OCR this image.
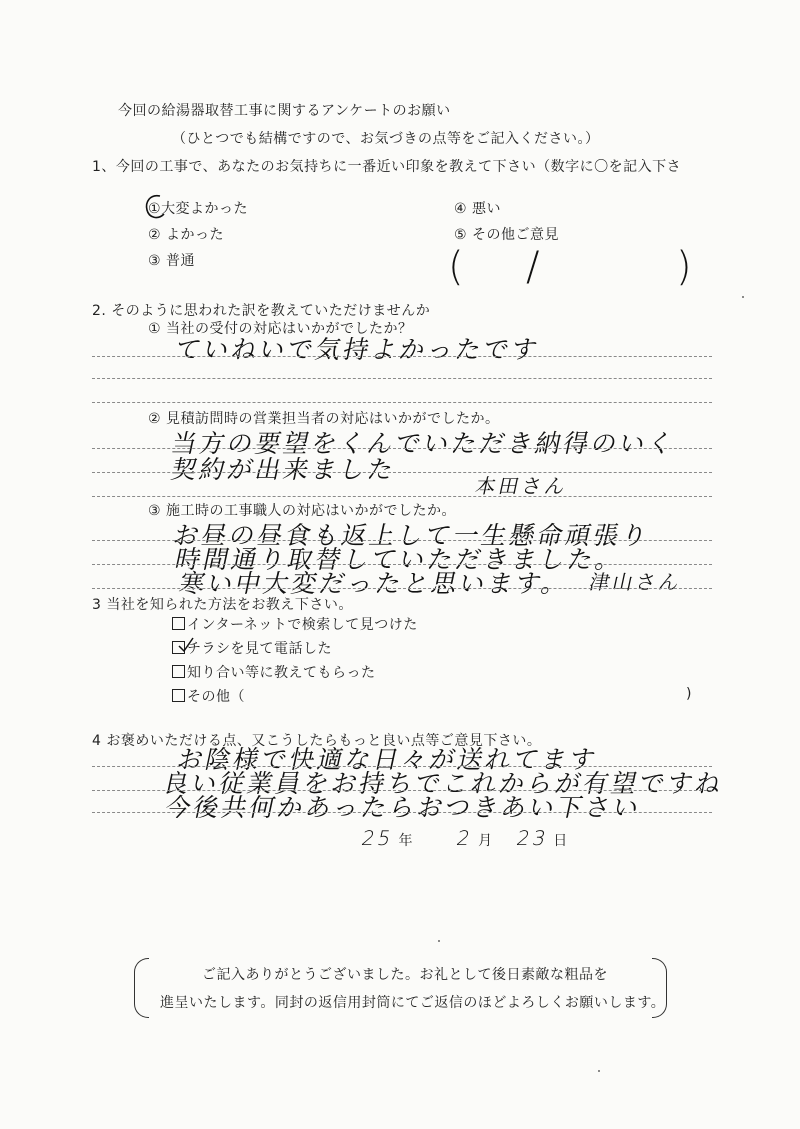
今回の給湯器取替工事に関するアンケートのお願い
（ひとつでも結構ですので、お気づきの点等をご記入ください。）
1、今回の工事で、あなたのお気持ちに一番近い印象を教えて下さい（数字に〇を記入下さ
①大変よかった
② よかった
③ 普通
④ 悪い
⑤ その他ご意見
( /	)
2. そのように思われた訳を教えていただけませんか
① 当社の受付の対応はいかがでしたか？
ていねいで気持よかったです
② 見積訪問時の営業担当者の対応はいかがでしたか。
当方の要望をくんでいただき納得のいく
契約が出来ました
本田さん
③ 施工時の工事職人の対応はいかがでしたか。
お昼の昼食も返上して一生懸命頑張り
時間通り取替していただきました。
寒い中大変だったと思います。 津山さん
3 当社を知られた方法をお教え下さい。
インターネットで検索して見つけた
チラシを見て電話した
知り合い等に教えてもらった
その他（	)
4 お褒めいただける点、又こうしたらもっと良い点等ご意見下さい。
お陰様で快適な日々が送れてます
良い従業員をお持ちでこれからが有望ですね
今後共何かあったらおつきあい下さい
25 年 2 月 23 日
ご記入ありがとうございました。お礼として後日素敵な粗品を
進呈いたします。同封の返信用封筒にてご返信のほどよろしくお願いします。
